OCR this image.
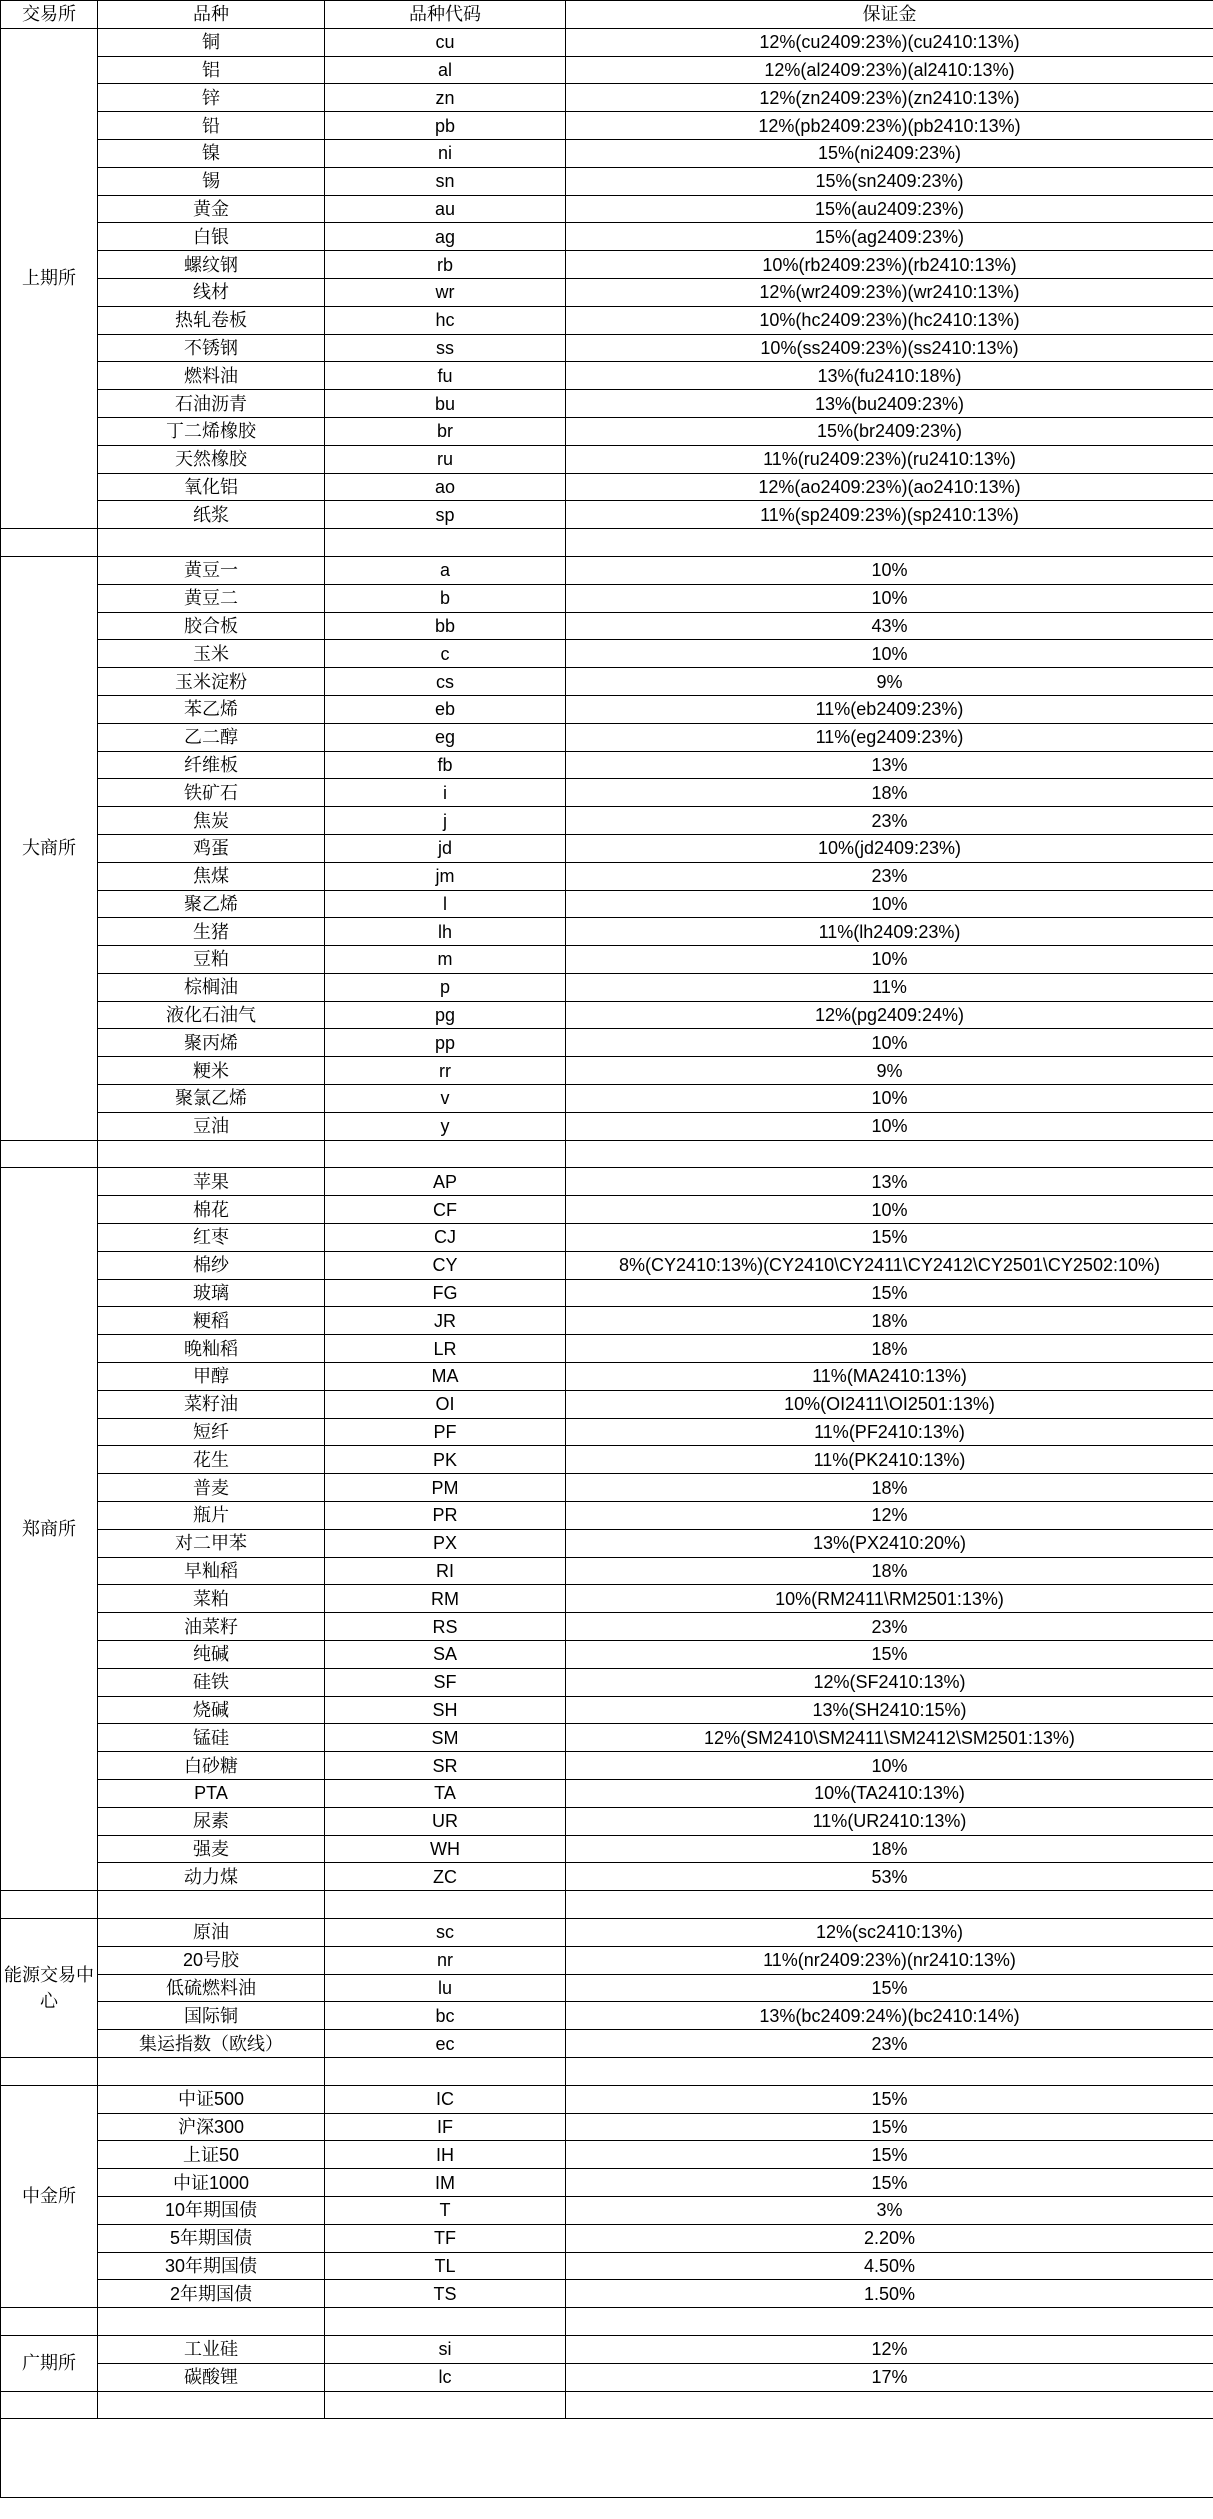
交易所	品种	品种代码	保证金
上期所	铜	cu	12%(cu2409:23%)(cu2410:13%)
	铝	al	12%(al2409:23%)(al2410:13%)
	锌	zn	12%(zn2409:23%)(zn2410:13%)
	铅	pb	12%(pb2409:23%)(pb2410:13%)
	镍	ni	15%(ni2409:23%)
	锡	sn	15%(sn2409:23%)
	黄金	au	15%(au2409:23%)
	白银	ag	15%(ag2409:23%)
	螺纹钢	rb	10%(rb2409:23%)(rb2410:13%)
	线材	wr	12%(wr2409:23%)(wr2410:13%)
	热轧卷板	hc	10%(hc2409:23%)(hc2410:13%)
	不锈钢	ss	10%(ss2409:23%)(ss2410:13%)
	燃料油	fu	13%(fu2410:18%)
	石油沥青	bu	13%(bu2409:23%)
	丁二烯橡胶	br	15%(br2409:23%)
	天然橡胶	ru	11%(ru2409:23%)(ru2410:13%)
	氧化铝	ao	12%(ao2409:23%)(ao2410:13%)
	纸浆	sp	11%(sp2409:23%)(sp2410:13%)

大商所	黄豆一	a	10%
	黄豆二	b	10%
	胶合板	bb	43%
	玉米	c	10%
	玉米淀粉	cs	9%
	苯乙烯	eb	11%(eb2409:23%)
	乙二醇	eg	11%(eg2409:23%)
	纤维板	fb	13%
	铁矿石	i	18%
	焦炭	j	23%
	鸡蛋	jd	10%(jd2409:23%)
	焦煤	jm	23%
	聚乙烯	l	10%
	生猪	lh	11%(lh2409:23%)
	豆粕	m	10%
	棕榈油	p	11%
	液化石油气	pg	12%(pg2409:24%)
	聚丙烯	pp	10%
	粳米	rr	9%
	聚氯乙烯	v	10%
	豆油	y	10%

郑商所	苹果	AP	13%
	棉花	CF	10%
	红枣	CJ	15%
	棉纱	CY	8%(CY2410:13%)(CY2410\CY2411\CY2412\CY2501\CY2502:10%)
	玻璃	FG	15%
	粳稻	JR	18%
	晚籼稻	LR	18%
	甲醇	MA	11%(MA2410:13%)
	菜籽油	OI	10%(OI2411\OI2501:13%)
	短纤	PF	11%(PF2410:13%)
	花生	PK	11%(PK2410:13%)
	普麦	PM	18%
	瓶片	PR	12%
	对二甲苯	PX	13%(PX2410:20%)
	早籼稻	RI	18%
	菜粕	RM	10%(RM2411\RM2501:13%)
	油菜籽	RS	23%
	纯碱	SA	15%
	硅铁	SF	12%(SF2410:13%)
	烧碱	SH	13%(SH2410:15%)
	锰硅	SM	12%(SM2410\SM2411\SM2412\SM2501:13%)
	白砂糖	SR	10%
	PTA	TA	10%(TA2410:13%)
	尿素	UR	11%(UR2410:13%)
	强麦	WH	18%
	动力煤	ZC	53%

能源交易中心	原油	sc	12%(sc2410:13%)
	20号胶	nr	11%(nr2409:23%)(nr2410:13%)
	低硫燃料油	lu	15%
	国际铜	bc	13%(bc2409:24%)(bc2410:14%)
	集运指数（欧线）	ec	23%

中金所	中证500	IC	15%
	沪深300	IF	15%
	上证50	IH	15%
	中证1000	IM	15%
	10年期国债	T	3%
	5年期国债	TF	2.20%
	30年期国债	TL	4.50%
	2年期国债	TS	1.50%

广期所	工业硅	si	12%
	碳酸锂	lc	17%
